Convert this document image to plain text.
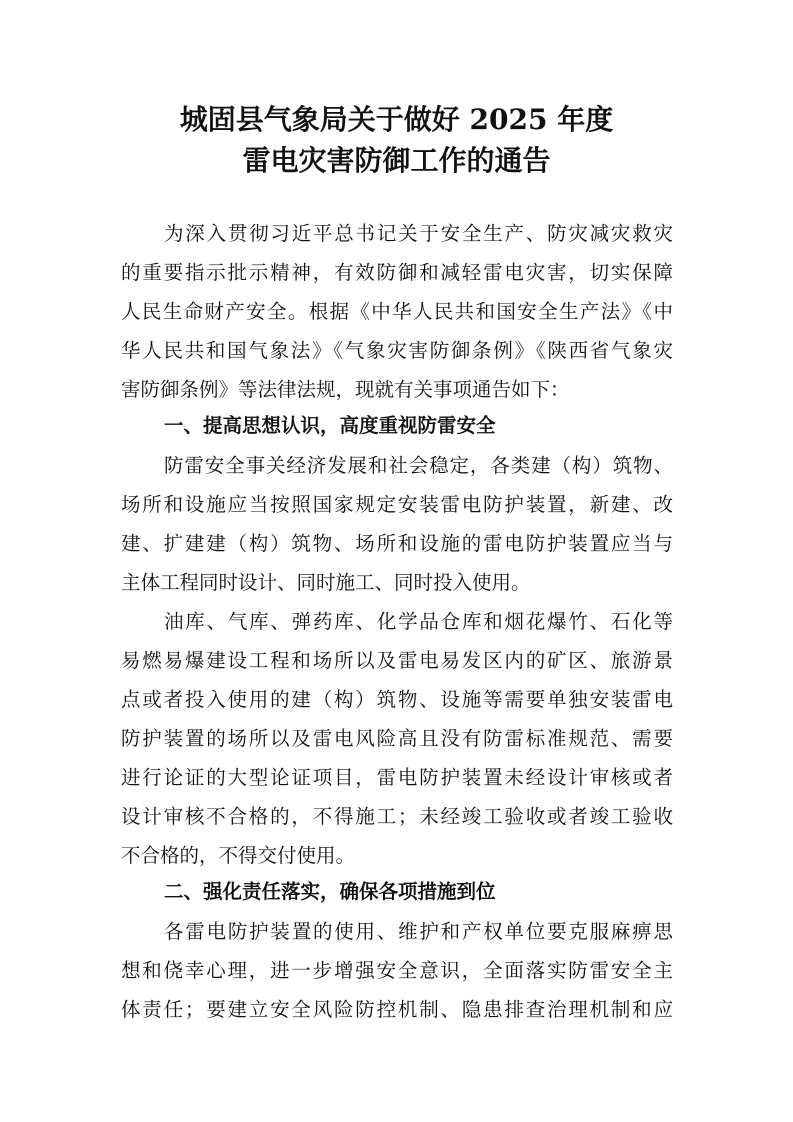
城固县气象局关于做好 2025 年度
雷电灾害防御工作的通告
为深入贯彻习近平总书记关于安全生产、防灾减灾救灾
的重要指示批示精神，有效防御和减轻雷电灾害，切实保障
人民生命财产安全。根据《中华人民共和国安全生产法》《中
华人民共和国气象法》《气象灾害防御条例》《陕西省气象灾
害防御条例》等法律法规，现就有关事项通告如下：
一、提高思想认识，高度重视防雷安全
防雷安全事关经济发展和社会稳定，各类建（构）筑物、
场所和设施应当按照国家规定安装雷电防护装置，新建、改
建、扩建建（构）筑物、场所和设施的雷电防护装置应当与
主体工程同时设计、同时施工、同时投入使用。
油库、气库、弹药库、化学品仓库和烟花爆竹、石化等
易燃易爆建设工程和场所以及雷电易发区内的矿区、旅游景
点或者投入使用的建（构）筑物、设施等需要单独安装雷电
防护装置的场所以及雷电风险高且没有防雷标准规范、需要
进行论证的大型论证项目，雷电防护装置未经设计审核或者
设计审核不合格的，不得施工；未经竣工验收或者竣工验收
不合格的，不得交付使用。
二、强化责任落实，确保各项措施到位
各雷电防护装置的使用、维护和产权单位要克服麻痹思
想和侥幸心理，进一步增强安全意识，全面落实防雷安全主
体责任；要建立安全风险防控机制、隐患排查治理机制和应
